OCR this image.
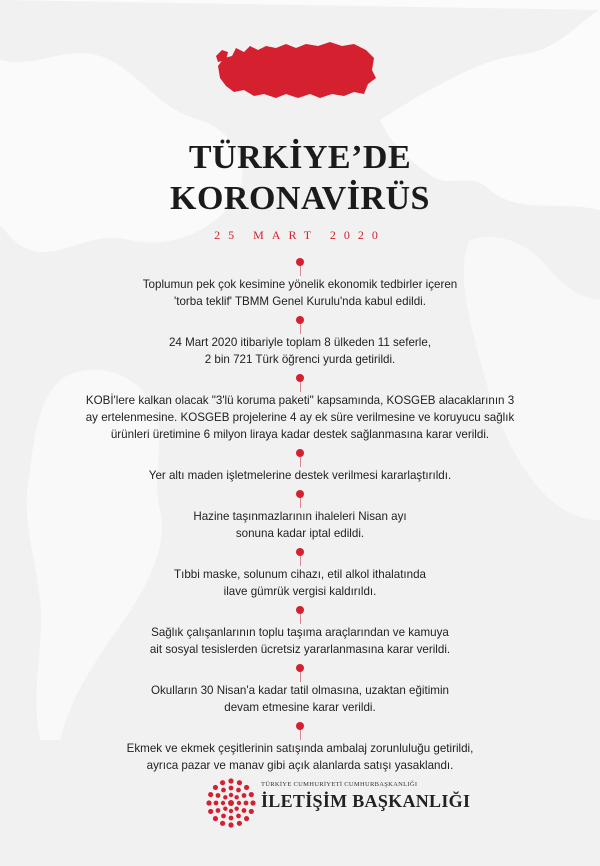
TÜRKİYE’DE
KORONAVİRÜS
25 MART 2020
Toplumun pek çok kesimine yönelik ekonomik tedbirler içeren
'torba teklif' TBMM Genel Kurulu'nda kabul edildi.
24 Mart 2020 itibariyle toplam 8 ülkeden 11 seferle,
2 bin 721 Türk öğrenci yurda getirildi.
KOBİ'lere kalkan olacak "3'lü koruma paketi" kapsamında, KOSGEB alacaklarının 3
ay ertelenmesine. KOSGEB projelerine 4 ay ek süre verilmesine ve koruyucu sağlık
ürünleri üretimine 6 milyon liraya kadar destek sağlanmasına karar verildi.
Yer altı maden işletmelerine destek verilmesi kararlaştırıldı.
Hazine taşınmazlarının ihaleleri Nisan ayı
sonuna kadar iptal edildi.
Tıbbi maske, solunum cihazı, etil alkol ithalatında
ilave gümrük vergisi kaldırıldı.
Sağlık çalışanlarının toplu taşıma araçlarından ve kamuya
ait sosyal tesislerden ücretsiz yararlanmasına karar verildi.
Okulların 30 Nisan'a kadar tatil olmasına, uzaktan eğitimin
devam etmesine karar verildi.
Ekmek ve ekmek çeşitlerinin satışında ambalaj zorunluluğu getirildi,
ayrıca pazar ve manav gibi açık alanlarda satışı yasaklandı.
TÜRKİYE CUMHURİYETİ CUMHURBAŞKANLIĞI
İLETİŞİM BAŞKANLIĞI
